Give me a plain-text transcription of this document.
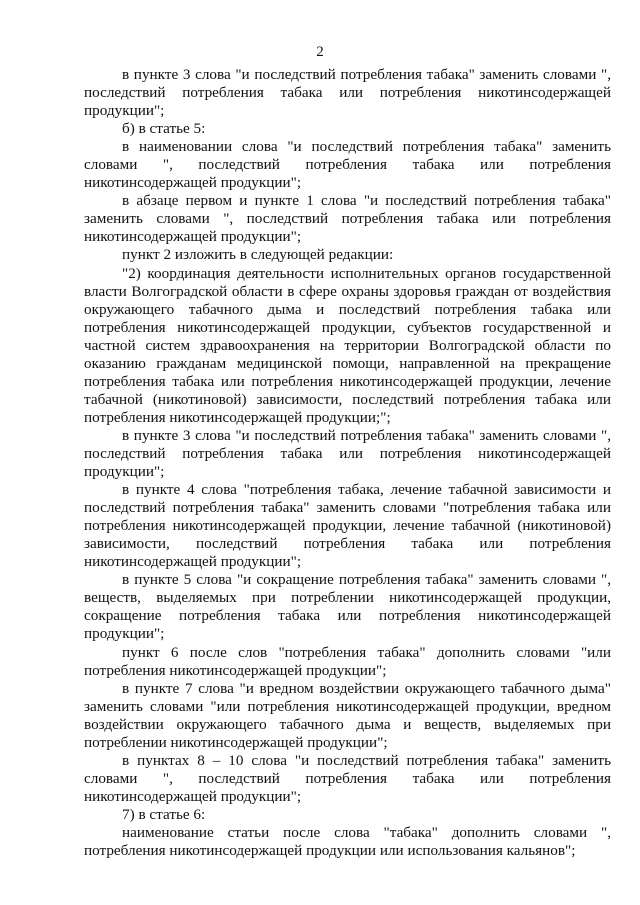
2

в пункте 3 слова "и последствий потребления табака" заменить словами ", последствий потребления табака или потребления никотинсодержащей продукции";

б) в статье 5:

в наименовании слова "и последствий потребления табака" заменить словами ", последствий потребления табака или потребления никотинсодержащей продукции";

в абзаце первом и пункте 1 слова "и последствий потребления табака" заменить словами ", последствий потребления табака или потребления никотинсодержащей продукции";

пункт 2 изложить в следующей редакции:

"2) координация деятельности исполнительных органов государственной власти Волгоградской области в сфере охраны здоровья граждан от воздействия окружающего табачного дыма и последствий потребления табака или потребления никотинсодержащей продукции, субъектов государственной и частной систем здравоохранения на территории Волгоградской области по оказанию гражданам медицинской помощи, направленной на прекращение потребления табака или потребления никотинсодержащей продукции, лечение табачной (никотиновой) зависимости, последствий потребления табака или потребления никотинсодержащей продукции;";

в пункте 3 слова "и последствий потребления табака" заменить словами ", последствий потребления табака или потребления никотинсодержащей продукции";

в пункте 4 слова "потребления табака, лечение табачной зависимости и последствий потребления табака" заменить словами "потребления табака или потребления никотинсодержащей продукции, лечение табачной (никотиновой) зависимости, последствий потребления табака или потребления никотинсодержащей продукции";

в пункте 5 слова "и сокращение потребления табака" заменить словами ", веществ, выделяемых при потреблении никотинсодержащей продукции, сокращение потребления табака или потребления никотинсодержащей продукции";

пункт 6 после слов "потребления табака" дополнить словами "или потребления никотинсодержащей продукции";

в пункте 7 слова "и вредном воздействии окружающего табачного дыма" заменить словами "или потребления никотинсодержащей продукции, вредном воздействии окружающего табачного дыма и веществ, выделяемых при потреблении никотинсодержащей продукции";

в пунктах 8 – 10 слова "и последствий потребления табака" заменить словами ", последствий потребления табака или потребления никотинсодержащей продукции";

7) в статье 6:

наименование статьи после слова "табака" дополнить словами ", потребления никотинсодержащей продукции или использования кальянов";
